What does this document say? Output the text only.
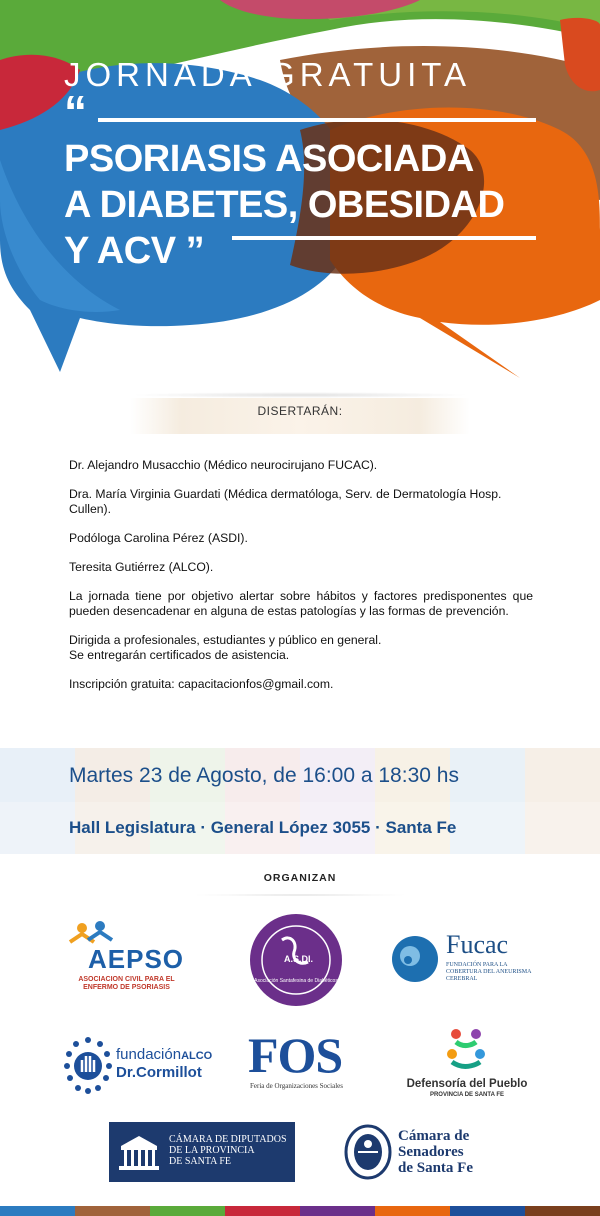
JORNADA GRATUITA
“
PSORIASIS ASOCIADA
A DIABETES, OBESIDAD
Y ACV ”
DISERTARÁN:

Dr. Alejandro Musacchio (Médico neurocirujano FUCAC).

Dra. María Virginia Guardati (Médica dermatóloga, Serv. de Dermatología Hosp. Cullen).

Podóloga Carolina Pérez (ASDI).

Teresita Gutiérrez (ALCO).

La jornada tiene por objetivo alertar sobre hábitos y factores predisponentes que pueden desencadenar en alguna de estas patologías y las formas de prevención.

Dirigida a profesionales, estudiantes y público en general.
Se entregarán certificados de asistencia.

Inscripción gratuita: capacitacionfos@gmail.com.

Martes 23 de Agosto, de 16:00 a 18:30 hs
Hall Legislatura · General López 3055 · Santa Fe
ORGANIZAN
AEPSO
ASOCIACION CIVIL PARA EL ENFERMO DE PSORIASIS
A.S.DI.
Asociación Santafesina de Diabéticos
Fucac
FUNDACIÓN PARA LA COBERTURA DEL ANEURISMA CEREBRAL
fundaciónALCO
Dr.Cormillot FOS
Feria de Organizaciones Sociales	Defensoría del Pueblo
PROVINCIA DE SANTA FE
CÁMARA DE DIPUTADOS
DE LA PROVINCIA
DE SANTA FE
Cámara de
Senadores
de Santa Fe
